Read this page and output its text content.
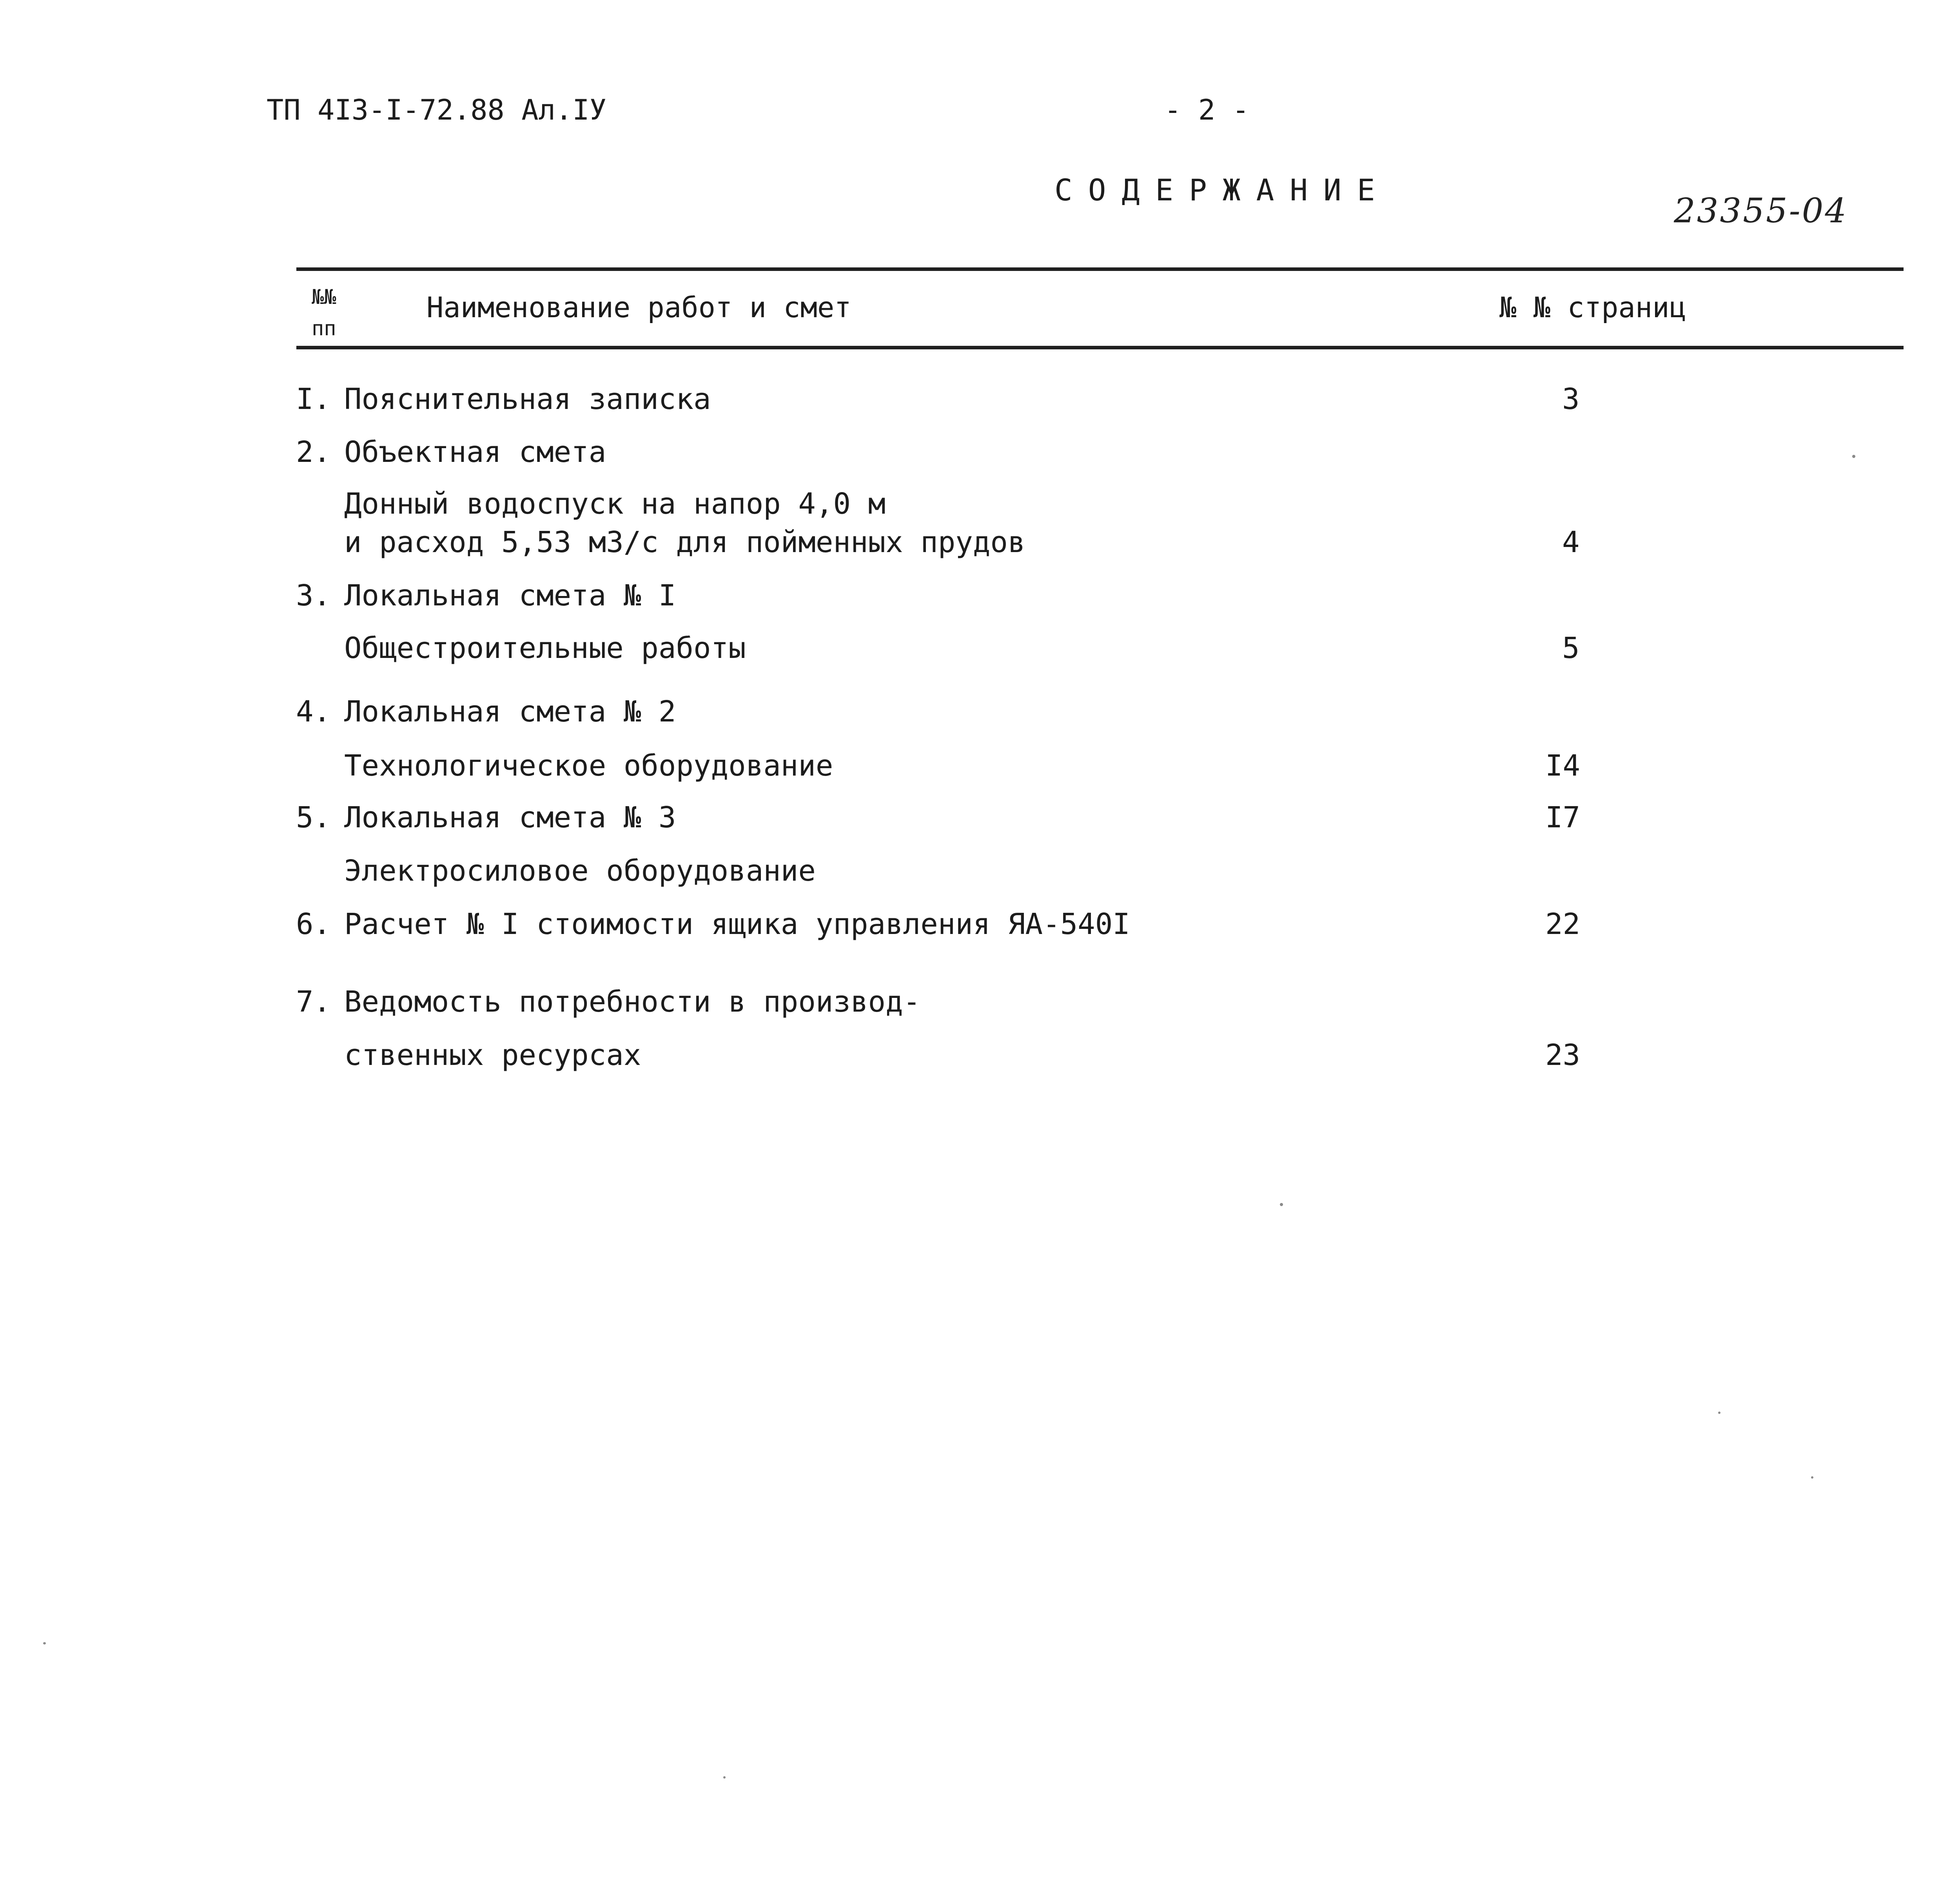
ТП 4I3-I-72.88 Ал.IУ	- 2 -
СОДЕРЖАНИЕ
23355-04
№№
пп
Наименование работ и смет	№ № страниц
I. Пояснительная записка	3
2. Объектная смета
Донный водоспуск на напор 4,0 м
и расход 5,53 м3/с для пойменных прудов	4
3. Локальная смета № I
Общестроительные работы	5
4. Локальная смета № 2
Технологическое оборудование	I4
5. Локальная смета № 3	I7
Электросиловое оборудование
6. Расчет № I стоимости ящика управления ЯА-540I	22
7. Ведомость потребности в производ-
ственных ресурсах	23
